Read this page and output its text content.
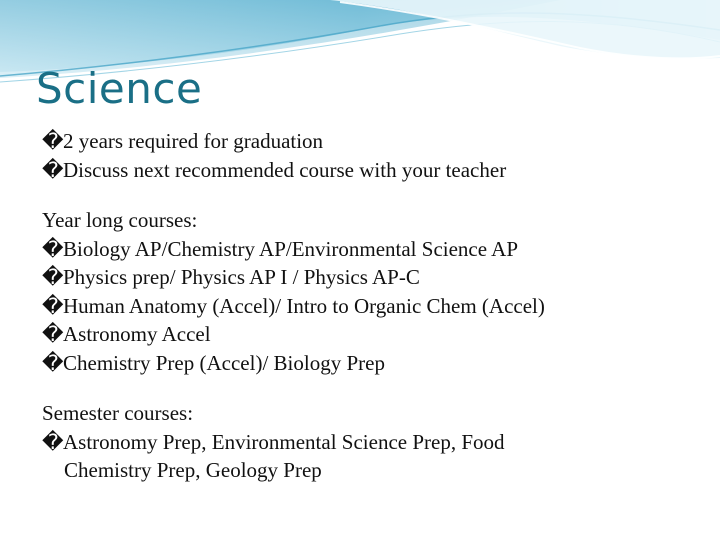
Science
�2 years required for graduation
�Discuss next recommended course with your teacher
Year long courses:
�Biology AP/Chemistry AP/Environmental Science AP
�Physics prep/ Physics AP I / Physics AP-C
�Human Anatomy (Accel)/ Intro to Organic Chem (Accel)
�Astronomy Accel
�Chemistry Prep (Accel)/ Biology Prep
Semester courses:
�Astronomy Prep, Environmental Science Prep, Food
Chemistry Prep, Geology Prep
